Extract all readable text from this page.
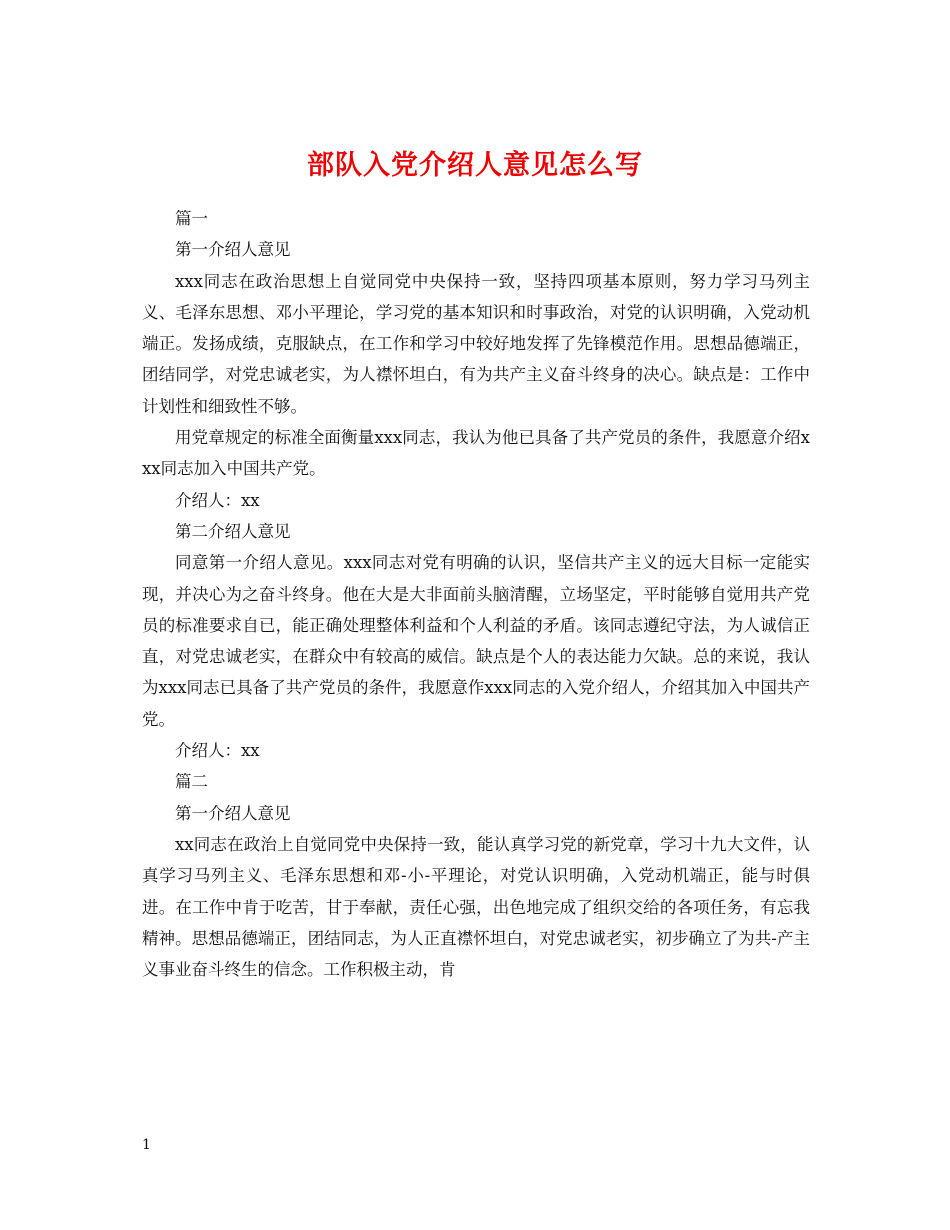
部队入党介绍人意见怎么写

篇一

第一介绍人意见

xxx同志在政治思想上自觉同党中央保持一致，坚持四项基本原则，努力学习马列主义、毛泽东思想、邓小平理论，学习党的基本知识和时事政治，对党的认识明确，入党动机端正。发扬成绩，克服缺点，在工作和学习中较好地发挥了先锋模范作用。思想品德端正，团结同学，对党忠诚老实，为人襟怀坦白，有为共产主义奋斗终身的决心。缺点是：工作中计划性和细致性不够。

用党章规定的标准全面衡量xxx同志，我认为他已具备了共产党员的条件，我愿意介绍xxx同志加入中国共产党。

介绍人：xx

第二介绍人意见

同意第一介绍人意见。xxx同志对党有明确的认识，坚信共产主义的远大目标一定能实现，并决心为之奋斗终身。他在大是大非面前头脑清醒，立场坚定，平时能够自觉用共产党员的标准要求自已，能正确处理整体利益和个人利益的矛盾。该同志遵纪守法，为人诚信正直，对党忠诚老实，在群众中有较高的威信。缺点是个人的表达能力欠缺。总的来说，我认为xxx同志已具备了共产党员的条件，我愿意作xxx同志的入党介绍人，介绍其加入中国共产党。

介绍人：xx

篇二

第一介绍人意见

xx同志在政治上自觉同党中央保持一致，能认真学习党的新党章，学习十九大文件，认真学习马列主义、毛泽东思想和邓-小-平理论，对党认识明确，入党动机端正，能与时俱进。在工作中肯于吃苦，甘于奉献，责任心强，出色地完成了组织交给的各项任务，有忘我精神。思想品德端正，团结同志，为人正直襟怀坦白，对党忠诚老实，初步确立了为共-产主义事业奋斗终生的信念。工作积极主动，肯

1
